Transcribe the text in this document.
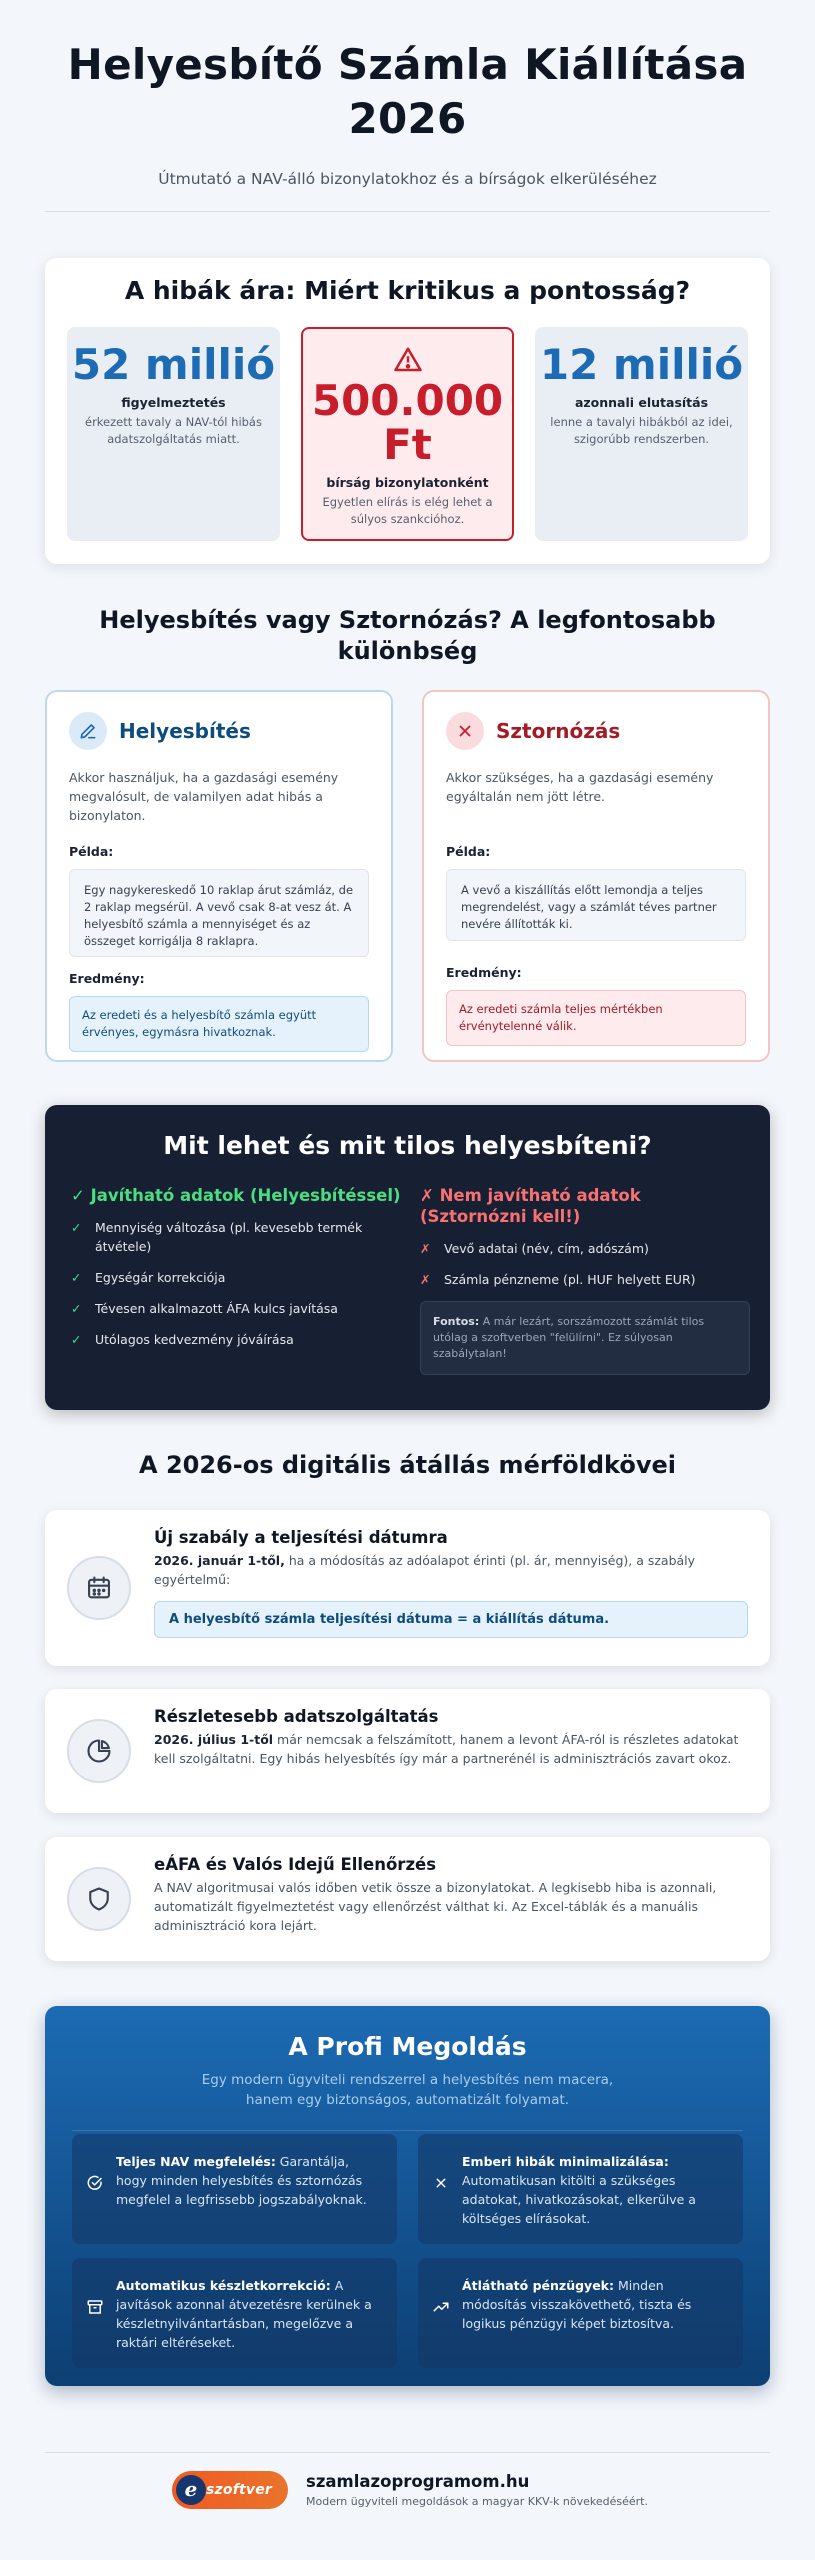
Helyesbítő Számla Kiállítása 2026

Útmutató a NAV-álló bizonylatokhoz és a bírságok elkerüléséhez

A hibák ára: Miért kritikus a pontosság?
52 millió
figyelmeztetés
érkezett tavaly a NAV-tól hibás adatszolgáltatás miatt.
500.000 Ft
bírság bizonylatonként
Egyetlen elírás is elég lehet a súlyos szankcióhoz.
12 millió
azonnali elutasítás
lenne a tavalyi hibákból az idei, szigorúbb rendszerben.
Helyesbítés vagy Sztornózás? A legfontosabb különbség
Helyesbítés
Akkor használjuk, ha a gazdasági esemény megvalósult, de valamilyen adat hibás a bizonylaton.
Példa:
Egy nagykereskedő 10 raklap árut számláz, de 2 raklap megsérül. A vevő csak 8-at vesz át. A helyesbítő számla a mennyiséget és az összeget korrigálja 8 raklapra.
Eredmény:
Az eredeti és a helyesbítő számla együtt érvényes, egymásra hivatkoznak.
Sztornózás
Akkor szükséges, ha a gazdasági esemény egyáltalán nem jött létre.
Példa:
A vevő a kiszállítás előtt lemondja a teljes megrendelést, vagy a számlát téves partner nevére állították ki.
Eredmény:
Az eredeti számla teljes mértékben érvénytelenné válik.
Mit lehet és mit tilos helyesbíteni?
✓ Javítható adatok (Helyesbítéssel)
✓ Mennyiség változása (pl. kevesebb termék átvétele)
✓ Egységár korrekciója
✓ Tévesen alkalmazott ÁFA kulcs javítása
✓ Utólagos kedvezmény jóváírása
✗ Nem javítható adatok (Sztornózni kell!)
✗ Vevő adatai (név, cím, adószám)
✗ Számla pénzneme (pl. HUF helyett EUR)
Fontos: A már lezárt, sorszámozott számlát tilos utólag a szoftverben "felülírni". Ez súlyosan szabálytalan!
A 2026-os digitális átállás mérföldkövei
Új szabály a teljesítési dátumra
2026. január 1-től, ha a módosítás az adóalapot érinti (pl. ár, mennyiség), a szabály egyértelmű:
A helyesbítő számla teljesítési dátuma = a kiállítás dátuma.
Részletesebb adatszolgáltatás
2026. július 1-től már nemcsak a felszámított, hanem a levont ÁFA-ról is részletes adatokat kell szolgáltatni. Egy hibás helyesbítés így már a partnerénél is adminisztrációs zavart okoz.
eÁFA és Valós Idejű Ellenőrzés
A NAV algoritmusai valós időben vetik össze a bizonylatokat. A legkisebb hiba is azonnali, automatizált figyelmeztetést vagy ellenőrzést válthat ki. Az Excel-táblák és a manuális adminisztráció kora lejárt.
A Profi Megoldás
Egy modern ügyviteli rendszerrel a helyesbítés nem macera, hanem egy biztonságos, automatizált folyamat.
Teljes NAV megfelelés: Garantálja, hogy minden helyesbítés és sztornózás megfelel a legfrissebb jogszabályoknak.
Emberi hibák minimalizálása: Automatikusan kitölti a szükséges adatokat, hivatkozásokat, elkerülve a költséges elírásokat.
Automatikus készletkorrekció: A javítások azonnal átvezetésre kerülnek a készletnyilvántartásban, megelőzve a raktári eltéréseket.
Átlátható pénzügyek: Minden módosítás visszakövethető, tiszta és logikus pénzügyi képet biztosítva.
e szoftver szamlazoprogramom.hu
Modern ügyviteli megoldások a magyar KKV-k növekedéséért.
